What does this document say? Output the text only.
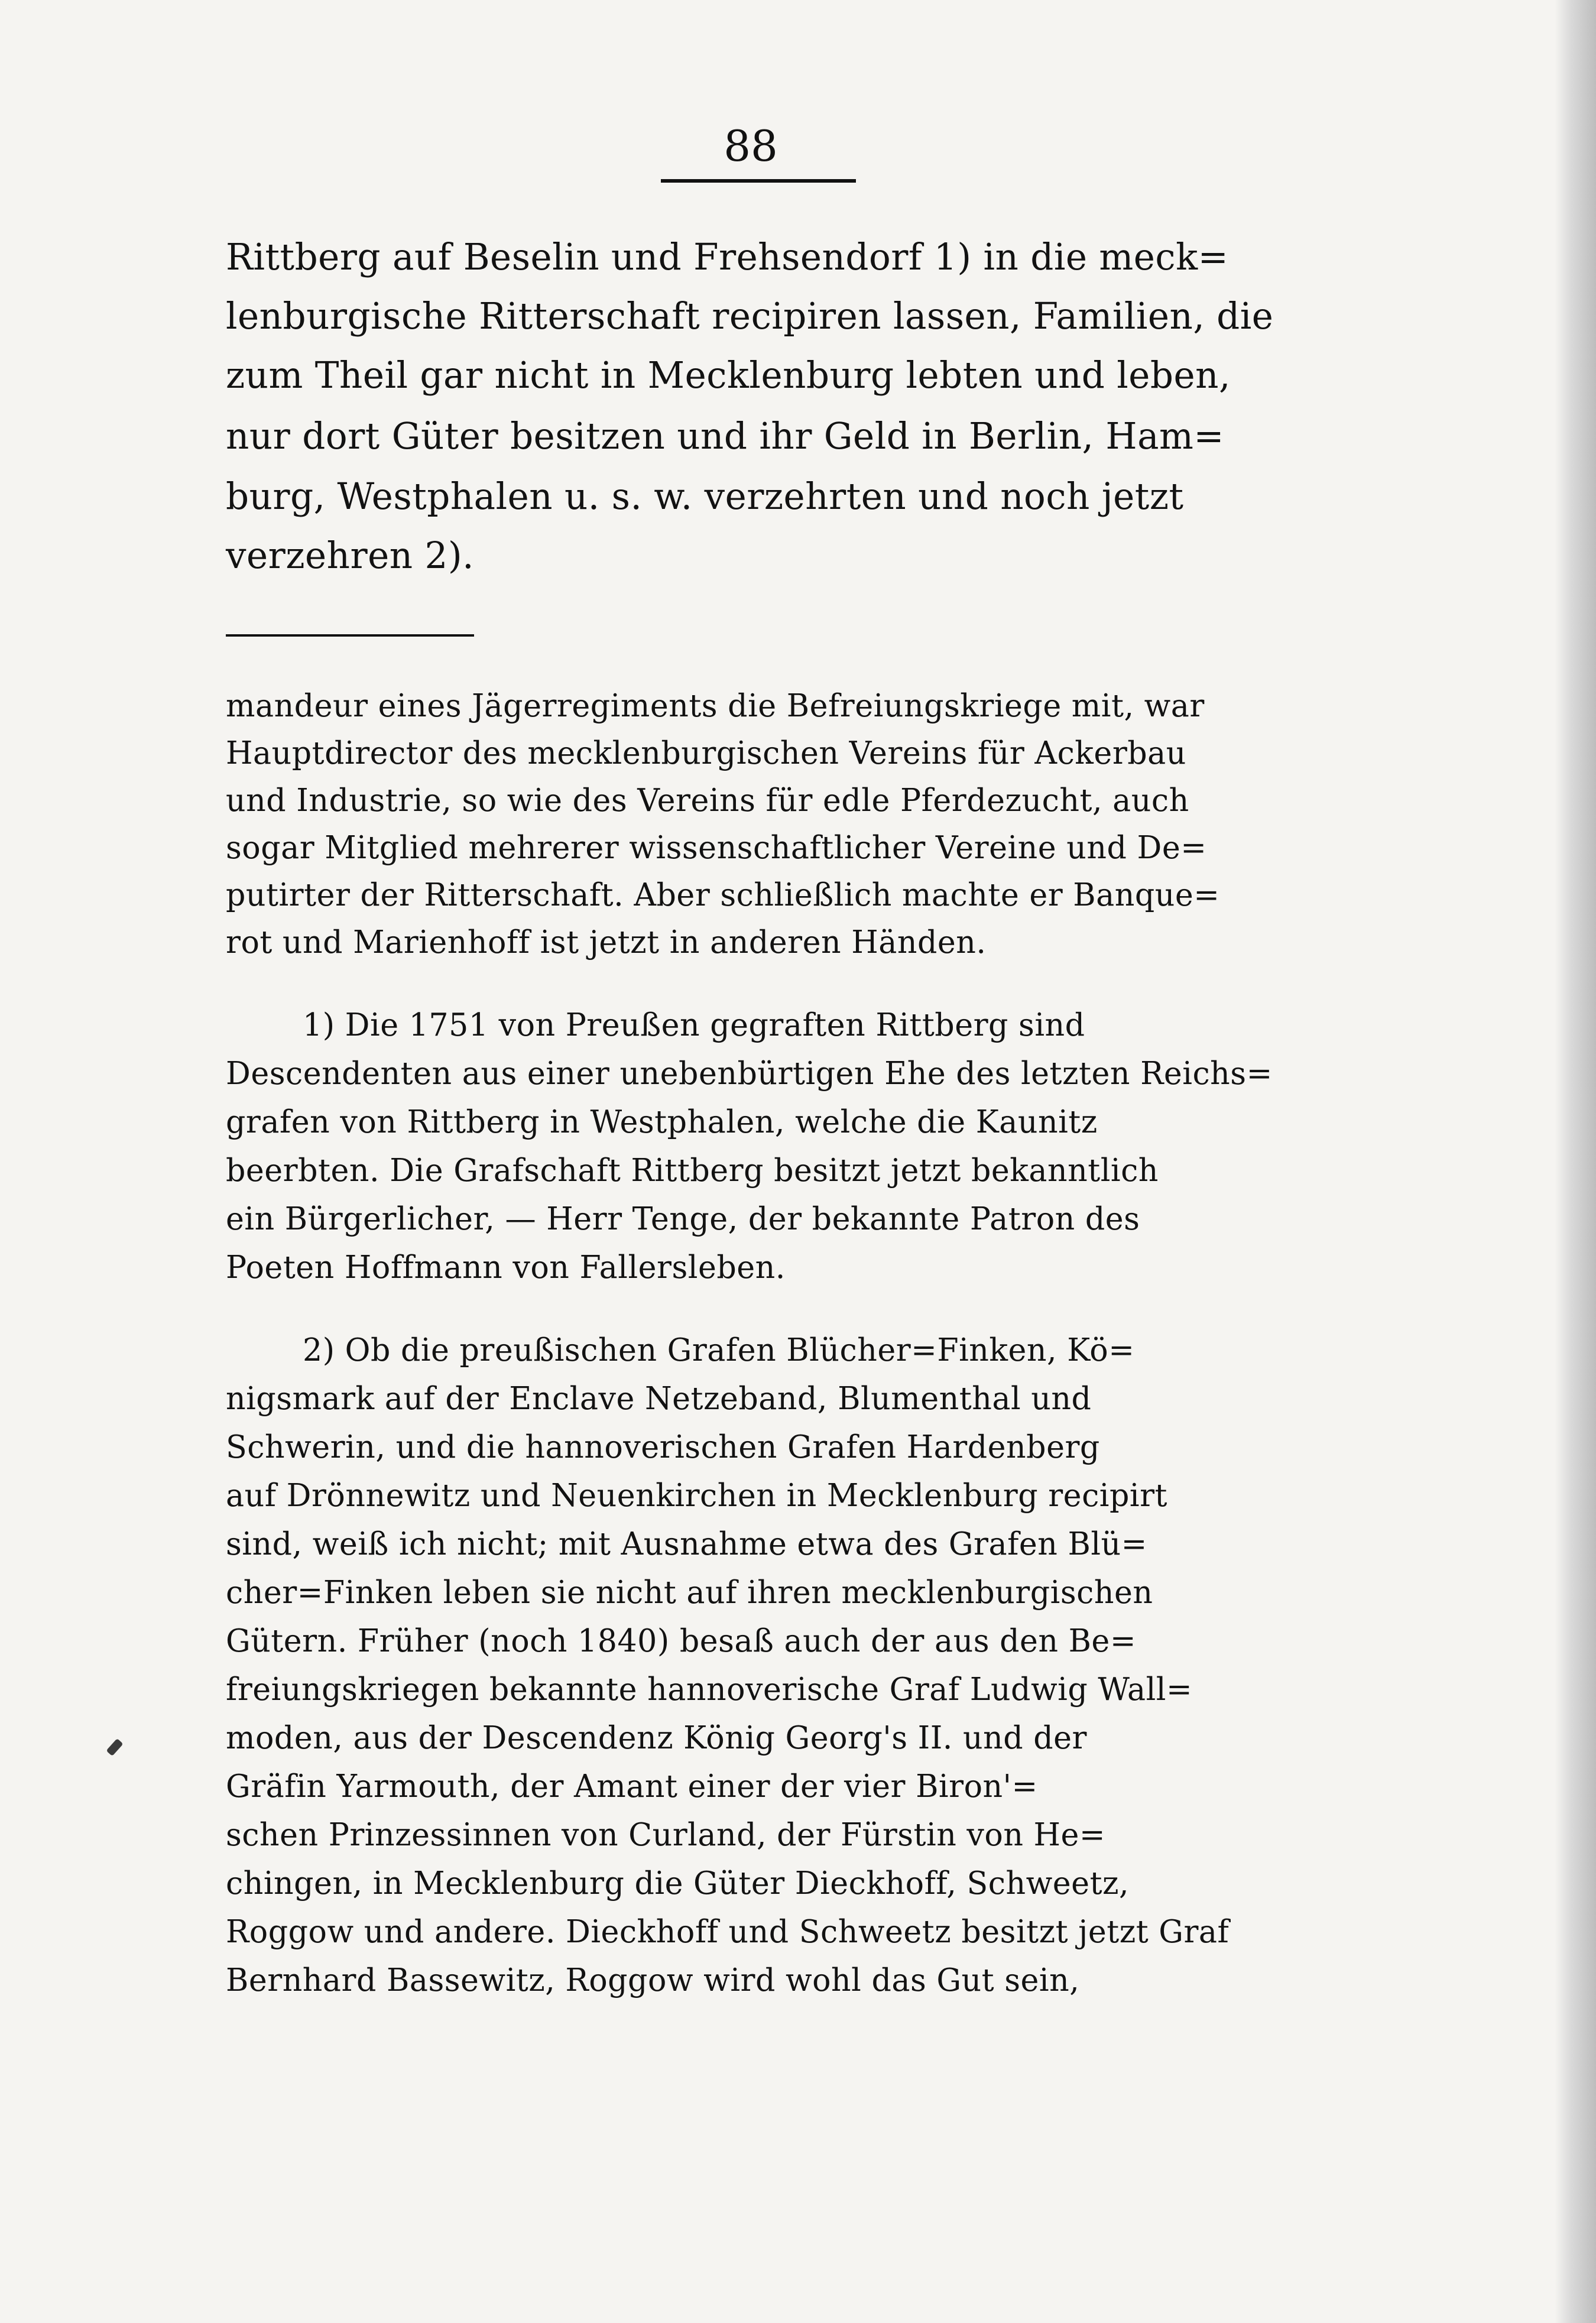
88
Rittberg auf Beselin und Frehsendorf 1) in die meck=
lenburgische Ritterschaft recipiren lassen, Familien, die
zum Theil gar nicht in Mecklenburg lebten und leben,
nur dort Güter besitzen und ihr Geld in Berlin, Ham=
burg, Westphalen u. s. w. verzehrten und noch jetzt
verzehren 2).
mandeur eines Jägerregiments die Befreiungskriege mit, war
Hauptdirector des mecklenburgischen Vereins für Ackerbau
und Industrie, so wie des Vereins für edle Pferdezucht, auch
sogar Mitglied mehrerer wissenschaftlicher Vereine und De=
putirter der Ritterschaft. Aber schließlich machte er Banque=
rot und Marienhoff ist jetzt in anderen Händen.
1) Die 1751 von Preußen gegraften Rittberg sind
Descendenten aus einer unebenbürtigen Ehe des letzten Reichs=
grafen von Rittberg in Westphalen, welche die Kaunitz
beerbten. Die Grafschaft Rittberg besitzt jetzt bekanntlich
ein Bürgerlicher, — Herr Tenge, der bekannte Patron des
Poeten Hoffmann von Fallersleben.
2) Ob die preußischen Grafen Blücher=Finken, Kö=
nigsmark auf der Enclave Netzeband, Blumenthal und
Schwerin, und die hannoverischen Grafen Hardenberg
auf Drönnewitz und Neuenkirchen in Mecklenburg recipirt
sind, weiß ich nicht; mit Ausnahme etwa des Grafen Blü=
cher=Finken leben sie nicht auf ihren mecklenburgischen
Gütern. Früher (noch 1840) besaß auch der aus den Be=
freiungskriegen bekannte hannoverische Graf Ludwig Wall=
moden, aus der Descendenz König Georg's II. und der
Gräfin Yarmouth, der Amant einer der vier Biron'=
schen Prinzessinnen von Curland, der Fürstin von He=
chingen, in Mecklenburg die Güter Dieckhoff, Schweetz,
Roggow und andere. Dieckhoff und Schweetz besitzt jetzt Graf
Bernhard Bassewitz, Roggow wird wohl das Gut sein,
